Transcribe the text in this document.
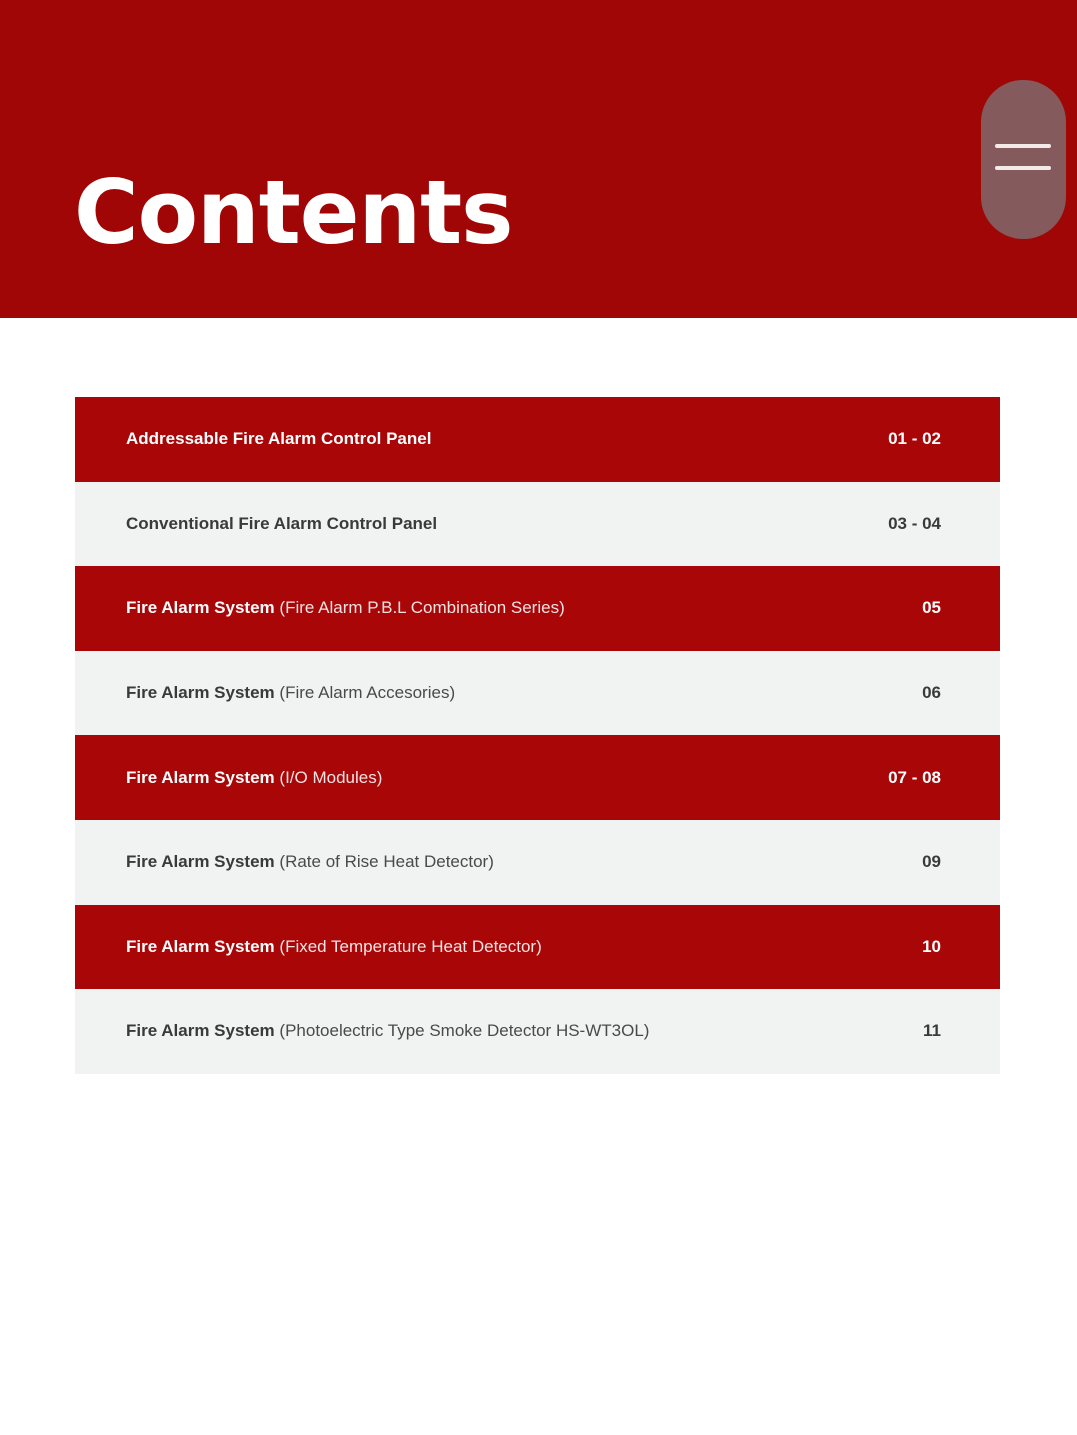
Contents
Addressable Fire Alarm Control Panel	01 - 02
Conventional Fire Alarm Control Panel	03 - 04
Fire Alarm System (Fire Alarm P.B.L Combination Series)	05
Fire Alarm System (Fire Alarm Accesories)	06
Fire Alarm System (I/O Modules)	07 - 08
Fire Alarm System (Rate of Rise Heat Detector)	09
Fire Alarm System (Fixed Temperature Heat Detector)	10
Fire Alarm System (Photoelectric Type Smoke Detector HS-WT3OL)	11
